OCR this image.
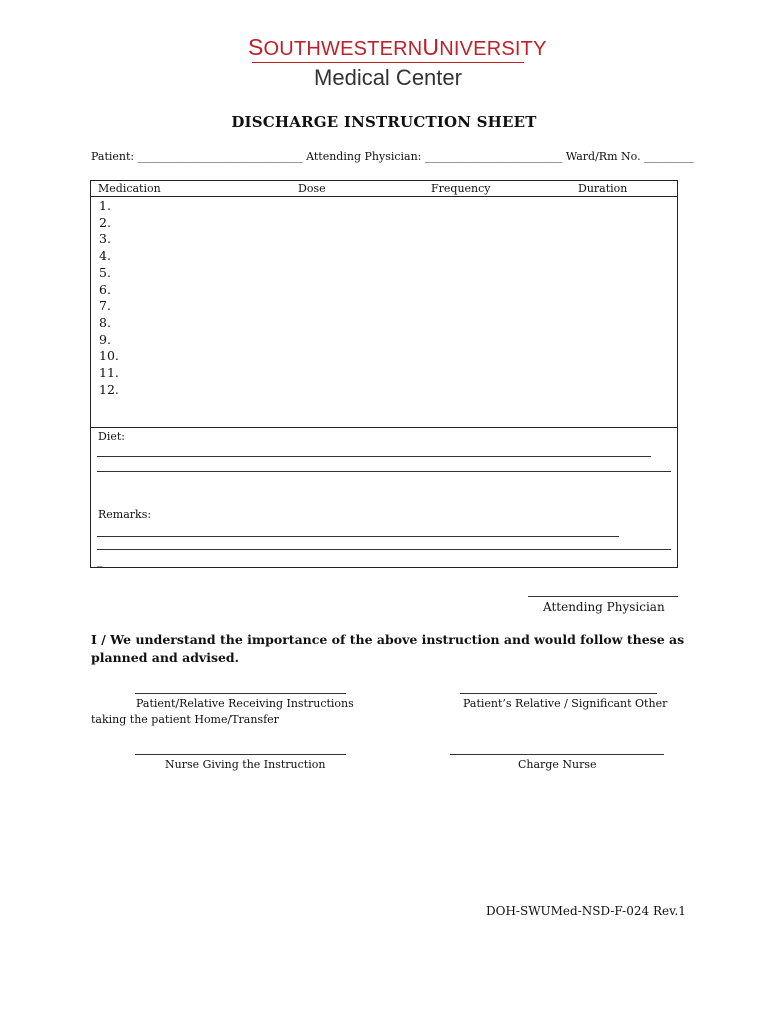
SOUTHWESTERNUNIVERSITY
Medical Center
DISCHARGE INSTRUCTION SHEET
Patient: ______________________________ Attending Physician: _________________________ Ward/Rm No. _________
Medication	Dose	Frequency	Duration
1.
2.
3.
4.
5.
6.
7.
8.
9.
10.
11.
12.
Diet:
Remarks:
_
Attending Physician
I / We understand the importance of the above instruction and would follow these as planned and advised.
Patient/Relative Receiving Instructions
taking the patient Home/Transfer
Patient’s Relative / Significant Other
Nurse Giving the Instruction	Charge Nurse
DOH-SWUMed-NSD-F-024 Rev.1
